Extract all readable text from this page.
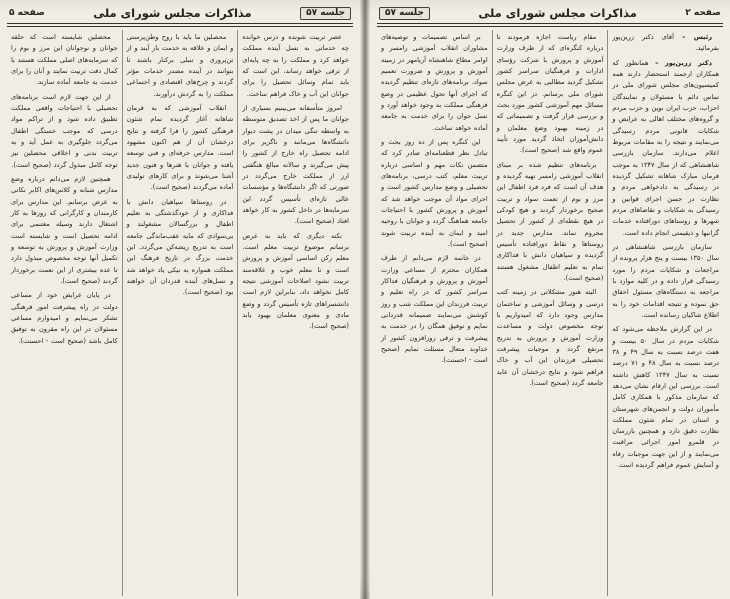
جلسه ۵۷
مذاکرات مجلس شورای ملی
صفحه ۵

عصر تربیت شونده و درس خوانده چه خدماتی به نسل آینده مملکت خواهد کرد و مملکت را به چه پایه‌ای از ترقی خواهد رساند، این است که باید تمام وسائل تحصیل را برای جوانان این آب و خاک فراهم ساخت.

امروز متأسفانه می‌بینیم بسیاری از جوانان ما پس از اخذ تصدیق متوسطه به واسطه تنگی میدان در پشت دیوار دانشگاه‌ها می‌مانند و ناگزیر برای ادامه تحصیل راه خارج از کشور را پیش می‌گیرند و سالانه مبالغ هنگفتی ارز از مملکت خارج می‌گردد در صورتی که اگر دانشگاه‌ها و مؤسسات عالی تازه‌ای تأسیس گردد این سرمایه‌ها در داخل کشور به کار خواهد افتاد (صحیح است).

نکته دیگری که باید به عرض برسانم موضوع تربیت معلم است. معلم رکن اساسی آموزش و پرورش است و تا معلم خوب و علاقه‌مند تربیت نشود اصلاحات آموزشی نتیجه کامل نخواهد داد، بنابراین لازم است دانشسراهای تازه تأسیس گردد و وضع مادی و معنوی معلمان بهبود یابد (صحیح است).

محصلین ما باید با روح وطن‌پرستی و ایمان و علاقه به خدمت بار آیند و از تن‌پروری و تنبلی برکنار باشند تا بتوانند در آینده مصدر خدمات مؤثر گردند و چرخ‌های اقتصادی و اجتماعی مملکت را به گردش درآورند.

انقلاب آموزشی که به فرمان شاهانه آغاز گردیده تمام شئون فرهنگی کشور را فرا گرفته و نتایج درخشان آن از هم اکنون مشهود است. مدارس حرفه‌ای و فنی توسعه یافته و جوانان با هنرها و فنون جدید آشنا می‌شوند و برای کارهای تولیدی آماده می‌گردند (صحیح است).

در روستاها سپاهیان دانش با فداکاری و از خودگذشتگی به تعلیم اطفال و بزرگسالان مشغولند و بی‌سوادی که مایه عقب‌ماندگی جامعه است به تدریج ریشه‌کن می‌گردد. این خدمت بزرگ در تاریخ فرهنگ این مملکت همواره به نیکی یاد خواهد شد و نسل‌های آینده قدردان آن خواهند بود (صحیح است).

محصلین شایسته است که حلقه جوانان و نوجوانان این مرز و بوم را که سرمایه‌های اصلی مملکت هستند با کمال دقت تربیت نمایند و آنان را برای خدمت به جامعه آماده سازند.

از این جهت لازم است برنامه‌های تحصیلی با احتیاجات واقعی مملکت تطبیق داده شود و از تراکم مواد درسی که موجب خستگی اطفال می‌گردد جلوگیری به عمل آید و به تربیت بدنی و اخلاقی محصلین نیز توجه کامل مبذول گردد (صحیح است).

همچنین لازم می‌دانم درباره وضع مدارس شبانه و کلاس‌های اکابر نکاتی به عرض برسانم. این مدارس برای کارمندان و کارگرانی که روزها به کار اشتغال دارند وسیله مغتنمی برای ادامه تحصیل است و شایسته است وزارت آموزش و پرورش به توسعه و تکمیل آنها توجه مخصوص مبذول دارد تا عده بیشتری از این نعمت برخوردار گردند (صحیح است).

در پایان عرایض خود از مساعی دولت در راه پیشرفت امور فرهنگی تشکر می‌نمایم و امیدوارم مساعی مسئولان در این راه مقرون به توفیق کامل باشد (صحیح است - احسنت).

صفحه ۲
مذاکرات مجلس شورای ملی
جلسه ۵۷

رئیس – آقای دکتر زرین‌پور بفرمائید.

دکتر زرین‌پور – همانطور که همکاران ارجمند استحضار دارند همه کمیسیون‌های مجلس شورای ملی در تماس دائم با مسئولان و نمایندگان احزاب، حزب ایران نوین و حزب مردم و گروه‌های مختلف اهالی به عرایض و شکایات قانونی مردم رسیدگی می‌نمایند و نتیجه را به مقامات مربوط اعلام می‌دارند. سازمان بازرسی شاهنشاهی که از سال ۱۳۴۷ به موجب فرمان مبارک شاهانه تشکیل گردیده در رسیدگی به دادخواهی مردم و نظارت در حسن اجرای قوانین و رسیدگی به شکایات و تقاضاهای مردم شهرها و روستاهای دورافتاده خدمات گرانبها و ذیقیمتی انجام داده است.

سازمان بازرسی شاهنشاهی در سال ۱۳۵۰ بیست و پنج هزار پرونده از مراجعات و شکایات مردم را مورد رسیدگی قرار داده و در کلیه موارد با مراجعه به دستگاه‌های مسئول احقاق حق نموده و نتیجه اقدامات خود را به اطلاع شاکیان رسانده است.

در این گزارش ملاحظه می‌شود که شکایات مردم در سال ۵۰ بیست و هفت درصد نسبت به سال ۴۹ و ۳۸ درصد نسبت به سال ۴۸ و ۷۱ درصد نسبت به سال ۱۳۴۷ کاهش داشته است. بررسی این ارقام نشان می‌دهد که سازمان مذکور با همکاری کامل مأموران دولت و انجمن‌های شهرستان و استان در تمام شئون مملکت نظارت دقیق دارد و همچنین بازرسان در قلمرو امور اجرائی مراقبت می‌نمایند و از این جهت موجبات رفاه و آسایش عموم فراهم گردیده است.

مقام ریاست اجازه فرمودند تا درباره کنگره‌ای که از طرف وزارت آموزش و پرورش با شرکت رؤسای ادارات و فرهنگیان سراسر کشور تشکیل گردید مطالبی به عرض مجلس شورای ملی برسانم. در این کنگره مسائل مهم آموزشی کشور مورد بحث و بررسی قرار گرفت و تصمیماتی که در زمینه بهبود وضع معلمان و دانش‌آموزان اتخاذ گردید مورد تأیید عموم واقع شد (صحیح است).

برنامه‌های تنظیم شده بر مبنای انقلاب آموزشی رامسر تهیه گردیده و هدف آن است که فرد فرد اطفال این مرز و بوم از نعمت سواد و تربیت صحیح برخوردار گردند و هیچ کودکی در هیچ نقطه‌ای از کشور از تحصیل محروم نماند. مدارس جدید در روستاها و نقاط دورافتاده تأسیس گردیده و سپاهیان دانش با فداکاری تمام به تعلیم اطفال مشغول هستند (صحیح است).

البته هنوز مشکلاتی در زمینه کتب درسی و وسائل آموزشی و ساختمان مدارس وجود دارد که امیدواریم با توجه مخصوص دولت و مساعدت وزارت آموزش و پرورش به تدریج مرتفع گردد و موجبات پیشرفت تحصیلی فرزندان این آب و خاک فراهم شود و نتایج درخشان آن عاید جامعه گردد (صحیح است).

بر اساس تصمیمات و توصیه‌های مشاوران انقلاب آموزشی رامسر و اوامر مطاع شاهنشاه آریامهر در زمینه آموزش و پرورش و ضرورت تعمیم سواد، برنامه‌های تازه‌ای تنظیم گردیده که اجرای آنها تحول عظیمی در وضع فرهنگی مملکت به وجود خواهد آورد و نسل جوان را برای خدمت به جامعه آماده خواهد ساخت.

این کنگره پس از ده روز بحث و تبادل نظر قطعنامه‌ای صادر کرد که متضمن نکات مهم و اساسی درباره تربیت معلم، کتب درسی، برنامه‌های تحصیلی و وضع مدارس کشور است و اجرای مواد آن موجب خواهد شد که آموزش و پرورش کشور با احتیاجات جامعه هماهنگ گردد و جوانان با روحیه امید و ایمان به آینده تربیت شوند (صحیح است).

در خاتمه لازم می‌دانم از طرف همکاران محترم از مساعی وزارت آموزش و پرورش و فرهنگیان فداکار سراسر کشور که در راه تعلیم و تربیت فرزندان این مملکت شب و روز کوشش می‌نمایند صمیمانه قدردانی نمایم و توفیق همگان را در خدمت به پیشرفت و ترقی روزافزون کشور از خداوند متعال مسئلت نمایم (صحیح است - احسنت).
